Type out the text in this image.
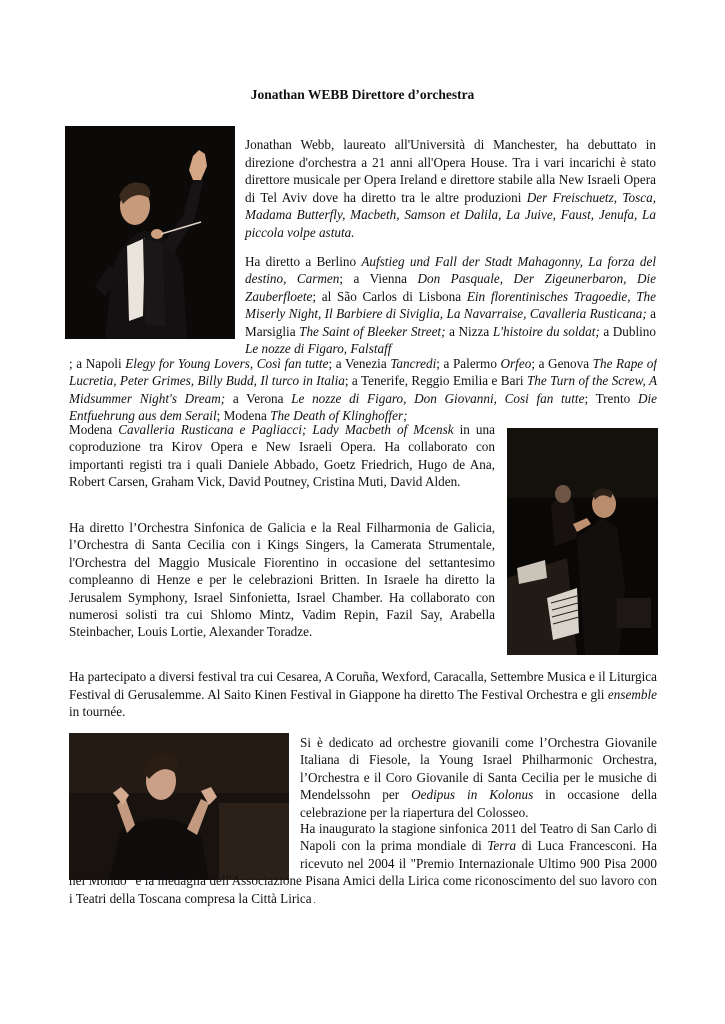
Jonathan WEBB Direttore d’orchestra
Jonathan Webb, laureato all'Università di Manchester, ha debuttato in direzione d'orchestra a 21 anni all'Opera House. Tra i vari incarichi è stato direttore musicale per Opera Ireland e direttore stabile alla New Israeli Opera di Tel Aviv dove ha diretto tra le altre produzioni Der Freischuetz, Tosca, Madama Butterfly, Macbeth, Samson et Dalila, La Juive, Faust, Jenufa, La piccola volpe astuta.
Ha diretto a Berlino Aufstieg und Fall der Stadt Mahagonny, La forza del destino, Carmen; a Vienna Don Pasquale, Der Zigeunerbaron, Die Zauberfloete; al São Carlos di Lisbona Ein florentinisches Tragoedie, The Miserly Night, Il Barbiere di Siviglia, La Navarraise, Cavalleria Rusticana; a Marsiglia The Saint of Bleeker Street; a Nizza L'histoire du soldat; a Dublino Le nozze di Figaro, Falstaff
; a Napoli Elegy for Young Lovers, Così fan tutte; a Venezia Tancredi; a Palermo Orfeo; a Genova The Rape of Lucretia, Peter Grimes, Billy Budd, Il turco in Italia; a Tenerife, Reggio Emilia e Bari The Turn of the Screw, A Midsummer Night's Dream; a Verona Le nozze di Figaro, Don Giovanni, Cosi fan tutte; Trento Die Entfuehrung aus dem Serail; Modena The Death of Klinghoffer;
Modena Cavalleria Rusticana e Pagliacci; Lady Macbeth of Mcensk in una coproduzione tra Kirov Opera e New Israeli Opera. Ha collaborato con importanti registi tra i quali Daniele Abbado, Goetz Friedrich, Hugo de Ana, Robert Carsen, Graham Vick, David Poutney, Cristina Muti, David Alden.
Ha diretto l’Orchestra Sinfonica de Galicia e la Real Filharmonia de Galicia, l’Orchestra di Santa Cecilia con i Kings Singers, la Camerata Strumentale, l'Orchestra del Maggio Musicale Fiorentino in occasione del settantesimo compleanno di Henze e per le celebrazioni Britten. In Israele ha diretto la Jerusalem Symphony, Israel Sinfonietta, Israel Chamber. Ha collaborato con numerosi solisti tra cui Shlomo Mintz, Vadim Repin, Fazil Say, Arabella Steinbacher, Louis Lortie, Alexander Toradze.
Ha partecipato a diversi festival tra cui Cesarea, A Coruña, Wexford, Caracalla, Settembre Musica e il Liturgica Festival di Gerusalemme. Al Saito Kinen Festival in Giappone ha diretto The Festival Orchestra e gli ensemble in tournée.
Si è dedicato ad orchestre giovanili come l’Orchestra Giovanile Italiana di Fiesole, la Young Israel Philharmonic Orchestra, l’Orchestra e il Coro Giovanile di Santa Cecilia per le musiche di Mendelssohn per Oedipus in Kolonus in occasione della celebrazione per la riapertura del Colosseo.
Ha inaugurato la stagione sinfonica 2011 del Teatro di San Carlo di Napoli con la prima mondiale di Terra di Luca Francesconi. Ha ricevuto nel 2004 il "Premio Internazionale Ultimo 900 Pisa 2000 nel Mondo" e la medaglia dell'Associazione Pisana Amici della Lirica come riconoscimento del suo lavoro con i Teatri della Toscana compresa la Città Lirica .
